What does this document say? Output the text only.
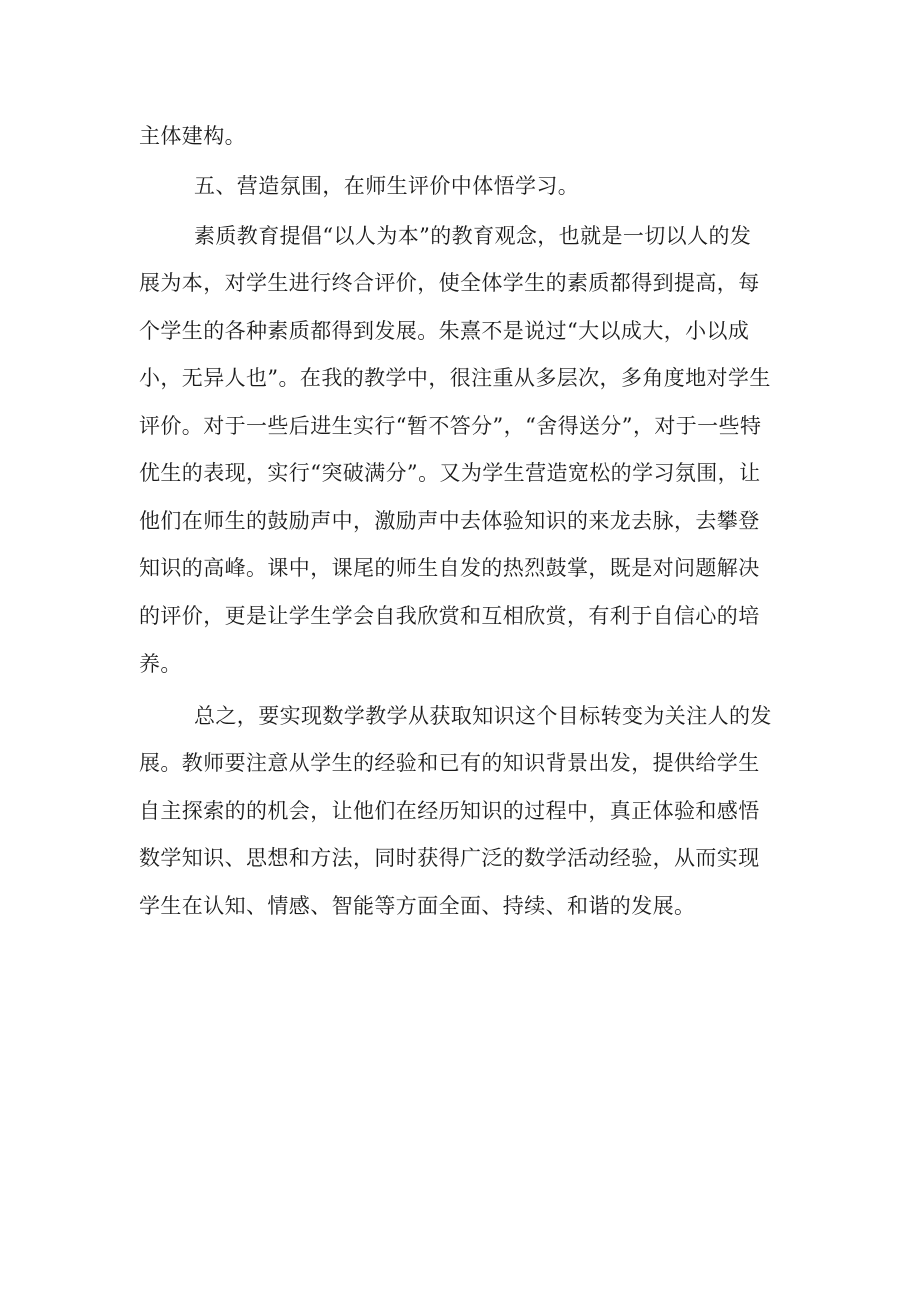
主体建构。
五、营造氛围，在师生评价中体悟学习。
素质教育提倡“以人为本”的教育观念，也就是一切以人的发
展为本，对学生进行终合评价，使全体学生的素质都得到提高，每
个学生的各种素质都得到发展。朱熹不是说过“大以成大，小以成
小，无异人也”。在我的教学中，很注重从多层次，多角度地对学生
评价。对于一些后进生实行“暂不答分”，“舍得送分”，对于一些特
优生的表现，实行“突破满分”。又为学生营造宽松的学习氛围，让
他们在师生的鼓励声中，激励声中去体验知识的来龙去脉，去攀登
知识的高峰。课中，课尾的师生自发的热烈鼓掌，既是对问题解决
的评价，更是让学生学会自我欣赏和互相欣赏，有利于自信心的培
养。
总之，要实现数学教学从获取知识这个目标转变为关注人的发
展。教师要注意从学生的经验和已有的知识背景出发，提供给学生
自主探索的的机会，让他们在经历知识的过程中，真正体验和感悟
数学知识、思想和方法，同时获得广泛的数学活动经验，从而实现
学生在认知、情感、智能等方面全面、持续、和谐的发展。
